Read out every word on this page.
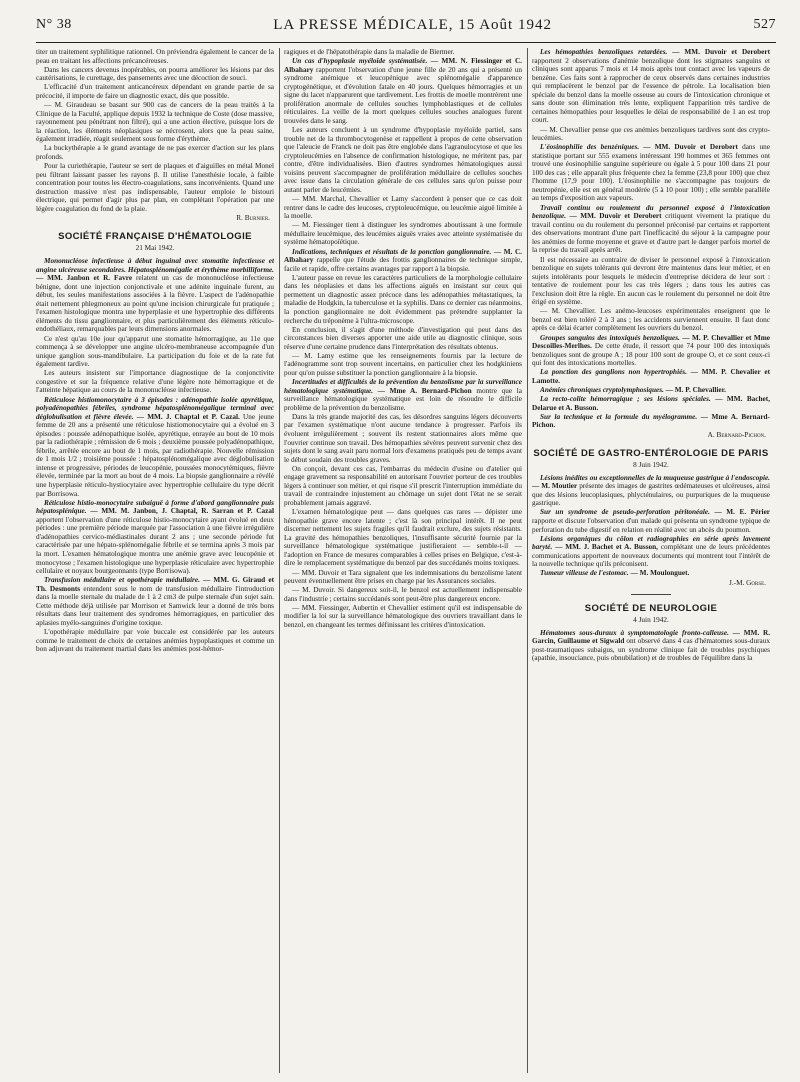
N° 38	LA PRESSE MÉDICALE, 15 Août 1942	527

titer un traitement syphilitique rationnel. On préviendra également le cancer de la peau en traitant les affections précancéreuses.

Dans les cancers devenus inopérables, on pourra améliorer les lésions par des cautérisations, le curettage, des pansements avec une décoction de souci.

L'efficacité d'un traitement anticancéreux dépendant en grande partie de sa précocité, il importe de faire un diagnostic exact, dès que possible.

— M. Giraudeau se basant sur 900 cas de cancers de la peau traités à la Clinique de la Faculté, applique depuis 1932 la technique de Coste (dose massive, rayonnement peu pénétrant non filtré), qui a une action élective, puisque lors de la réaction, les éléments néoplasiques se nécrosent, alors que la peau saine, également irradiée, réagit seulement sous forme d'érythème.

La buckythérapie a le grand avantage de ne pas exercer d'action sur les plans profonds.

Pour la curiethérapie, l'auteur se sert de plaques et d'aiguilles en métal Monel peu filtrant laissant passer les rayons β. Il utilise l'anesthésie locale, à faible concentration pour toutes les électro-coagulations, sans inconvénients. Quand une destruction massive n'est pas indispensable, l'auteur emploie le bistouri électrique, qui permet d'agir plus par plan, en complétant l'opération par une légère coagulation du fond de la plaie.

R. Burnier.

SOCIÉTÉ FRANÇAISE D'HÉMATOLOGIE

21 Mai 1942.

Mononucléose infectieuse à début inguinal avec stomatite infectieuse et angine ulcéreuse secondaires. Hépatosplénomégalie et érythème morbilliforme. — MM. Janbon et R. Favre relatent un cas de mononucléose infectieuse bénigne, dont une injection conjonctivale et une adénite inguinale furent, au début, les seules manifestations associées à la fièvre. L'aspect de l'adénopathie était nettement phlegmoneux au point qu'une incision chirurgicale fut pratiquée ; l'examen histologique montra une hyperplasie et une hypertrophie des différents éléments du tissu ganglionnaire, et plus particulièrement des éléments réticulo-endothéliaux, remarquables par leurs dimensions anormales.

Ce n'est qu'au 10e jour qu'apparut une stomatite hémorragique, au 11e que commença à se développer une angine ulcéro-membraneuse accompagnée d'un unique ganglion sous-mandibulaire. La participation du foie et de la rate fut également tardive.

Les auteurs insistent sur l'importance diagnostique de la conjonctivite congestive et sur la fréquence relative d'une légère note hémorragique et de l'atteinte hépatique au cours de la mononucléose infectieuse.

Réticulose histiomonocytaire à 3 épisodes : adénopathie isolée apyrétique, polyadénopathies fébriles, syndrome hépatosplénomégalique terminal avec déglobulisation et fièvre élevée. — MM. J. Chaptal et P. Cazal. Une jeune femme de 20 ans a présenté une réticulose histiomonocytaire qui a évolué en 3 épisodes : poussée adénopathique isolée, apyrétique, enrayée au bout de 10 mois par la radiothérapie ; rémission de 6 mois ; deuxième poussée polyadénopathique, fébrile, arrêtée encore au bout de 1 mois, par radiothérapie. Nouvelle rémission de 1 mois 1/2 ; troisième poussée : hépatosplénomégalique avec déglobulisation intense et progressive, périodes de leucopénie, poussées monocytémiques, fièvre élevée, terminée par la mort au bout de 4 mois. La biopsie ganglionnaire a révélé une hyperplasie réticulo-hystiocytaire avec hypertrophie cellulaire du type décrit par Borrisowa.

Réticulose histio-monocytaire subaiguë à forme d'abord ganglionnaire puis hépatosplénique. — MM. M. Janbon, J. Chaptal, R. Sarran et P. Cazal apportent l'observation d'une réticulose histio-monocytaire ayant évolué en deux périodes : une première période marquée par l'association à une fièvre irrégulière d'adénopathies cervico-médiastinales durant 2 ans ; une seconde période fut caractérisée par une hépato-splénomégalie fébrile et se termina après 3 mois par la mort. L'examen hématologique montra une anémie grave avec leucopénie et monocytose ; l'examen histologique une hyperplasie réticulaire avec hypertrophie cellulaire et noyaux bourgeonnants (type Borrisowa).

Transfusion médullaire et opothérapie médullaire. — MM. G. Giraud et Th. Desmonts entendent sous le nom de transfusion médullaire l'introduction dans la moelle sternale du malade de 1 à 2 cm3 de pulpe sternale d'un sujet sain. Cette méthode déjà utilisée par Morrison et Samwick leur a donné de très bons résultats dans leur traitement des syndromes hémorragiques, en particulier des aplasies myélo-sanguines d'origine toxique.

L'opothérapie médullaire par voie buccale est considérée par les auteurs comme le traitement de choix de certaines anémies hypoplastiques et comme un bon adjuvant du traitement martial dans les anémies post-hémor-

ragiques et de l'hépatothérapie dans la maladie de Biermer.

Un cas d'hypoplasie myéloïde systématisée. — MM. N. Fiessinger et C. Albahary rapportent l'observation d'une jeune fille de 20 ans qui a présenté un syndrome anémique et leucopénique avec splénomégalie d'apparence cryptogénétique, et d'évolution fatale en 40 jours. Quelques hémorragies et un signe du lacet n'apparurent que tardivement. Les frottis de moelle montrèrent une prolifération anormale de cellules souches lymphoblastiques et de cellules réticulaires. La veille de la mort quelques cellules souches analogues furent trouvées dans le sang.

Les auteurs concluent à un syndrome d'hypoplasie myéloïde partiel, sans trouble net de la thrombocytogenèse et rappellent à propos de cette observation que l'aleucie de Franck ne doit pas être englobée dans l'agranulocytose et que les cryptoleucémies en l'absence de confirmation histologique, ne méritent pas, par contre, d'être individualisées. Bien d'autres syndromes hématologiques aussi voisins peuvent s'accompagner de prolifération médullaire de cellules souches avec issue dans la circulation générale de ces cellules sans qu'on puisse pour autant parler de leucémies.

— MM. Marchal, Chevallier et Lamy s'accordent à penser que ce cas doit rentrer dans le cadre des leucoses, cryptoleucémique, ou leucémie aiguë limitée à la moelle.

— M. Fiessinger tient à distinguer les syndromes aboutissant à une formule médullaire leucémique, des leucémies aiguës vraies avec atteinte systématisée du système hématopoïétique.

Indications, techniques et résultats de la ponction ganglionnaire. — M. C. Albahary rappelle que l'étude des frottis ganglionnaires de technique simple, facile et rapide, offre certains avantages par rapport à la biopsie.

L'auteur passe en revue les caractères particuliers de la morphologie cellulaire dans les néoplasies et dans les affections aiguës en insistant sur ceux qui permettent un diagnostic assez précoce dans les adénopathies métastatiques, la maladie de Hodgkin, la tuberculose et la syphilis. Dans ce dernier cas néanmoins, la ponction ganglionnaire ne doit évidemment pas prétendre supplanter la recherche du tréponème à l'ultra-microscope.

En conclusion, il s'agit d'une méthode d'investigation qui peut dans des circonstances bien diverses apporter une aide utile au diagnostic clinique, sous réserve d'une certaine prudence dans l'interprétation des résultats obtenus.

— M. Lamy estime que les renseignements fournis par la lecture de l'adénogramme sont trop souvent incertains, en particulier chez les hodgkiniens pour qu'on puisse substituer la ponction ganglionnaire à la biopsie.

Incertitudes et difficultés de la prévention du benzolisme par la surveillance hématologique systématique. — Mme A. Bernard-Pichon montre que la surveillance hématologique systématique est loin de résoudre le difficile problème de la prévention du benzolisme.

Dans la très grande majorité des cas, les désordres sanguins légers découverts par l'examen systématique n'ont aucune tendance à progresser. Parfois ils évoluent irrégulièrement ; souvent ils restent stationnaires alors même que l'ouvrier continue son travail. Des hémopathies sévères peuvent survenir chez des sujets dont le sang avait paru normal lors d'examens pratiqués peu de temps avant le début soudain des troubles graves.

On conçoit, devant ces cas, l'embarras du médecin d'usine ou d'atelier qui engage gravement sa responsabilité en autorisant l'ouvrier porteur de ces troubles légers à continuer son métier, et qui risque s'il prescrit l'interruption immédiate du travail de contraindre injustement au chômage un sujet dont l'état ne se serait probablement jamais aggravé.

L'examen hématologique peut — dans quelques cas rares — dépister une hémopathie grave encore latente ; c'est là son principal intérêt. Il ne peut discerner nettement les sujets fragiles qu'il faudrait exclure, des sujets résistants. La gravité des hémopathies benzoliques, l'insuffisante sécurité fournie par la surveillance hématologique systématique justifieraient — semble-t-il — l'adoption en France de mesures comparables à celles prises en Belgique, c'est-à-dire le remplacement systématique du benzol par des succédanés moins toxiques.

— MM. Duvoir et Tara signalent que les indemnisations du benzolisme latent peuvent éventuellement être prises en charge par les Assurances sociales.

— M. Duvoir. Si dangereux soit-il, le benzol est actuellement indispensable dans l'industrie ; certains succédanés sont peut-être plus dangereux encore.

— MM. Fiessinger, Aubertin et Chevallier estiment qu'il est indispensable de modifier la loi sur la surveillance hématologique des ouvriers travaillant dans le benzol, en changeant les termes définissant les critères d'intoxication.

Les hémopathies benzoliques retardées. — MM. Duvoir et Derobert rapportent 2 observations d'anémie benzolique dont les stigmates sanguins et cliniques sont apparus 7 mois et 14 mois après tout contact avec les vapeurs de benzène. Ces faits sont à rapprocher de ceux observés dans certaines industries qui remplacèrent le benzol par de l'essence de pétrole. La localisation bien spéciale du benzol dans la moelle osseuse au cours de l'intoxication chronique et sans doute son élimination très lente, expliquent l'apparition très tardive de certaines hémopathies pour lesquelles le délai de responsabilité de 1 an est trop court.

— M. Chevallier pense que ces anémies benzoliques tardives sont des crypto-leucémies.

L'éosinophilie des benzéniques. — MM. Duvoir et Derobert dans une statistique portant sur 555 examens intéressant 190 hommes et 365 femmes ont trouvé une éosinophilie sanguine supérieure ou égale à 5 pour 100 dans 21 pour 100 des cas ; elle apparaît plus fréquente chez la femme (23,8 pour 100) que chez l'homme (17,9 pour 100). L'éosinophilie ne s'accompagne pas toujours de neutropénie, elle est en général modérée (5 à 10 pour 100) ; elle semble parallèle au temps d'exposition aux vapeurs.

Travail continu ou roulement du personnel exposé à l'intoxication benzolique. — MM. Duvoir et Derobert critiquent vivement la pratique du travail continu ou du roulement du personnel préconisé par certains et rapportent des observations montrant d'une part l'inefficacité du séjour à la campagne pour les anémies de forme moyenne et grave et d'autre part le danger parfois mortel de la reprise du travail après arrêt.

Il est nécessaire au contraire de diviser le personnel exposé à l'intoxication benzolique en sujets tolérants qui devront être maintenus dans leur métier, et en sujets intolérants pour lesquels le médecin d'entreprise décidera de leur sort : tentative de roulement pour les cas très légers ; dans tous les autres cas l'exclusion doit être la règle. En aucun cas le roulement du personnel ne doit être érigé en système.

— M. Chevallier. Les anémo-leucoses expérimentales enseignent que le benzol est bien toléré 2 à 3 ans ; les accidents surviennent ensuite. Il faut donc après ce délai écarter complètement les ouvriers du benzol.

Groupes sanguins des intoxiqués benzoliques. — M. P. Chevallier et Mme Descoilles-Merlhes. De cette étude, il ressort que 74 pour 100 des intoxiqués benzoliques sont de groupe A ; 18 pour 100 sont de groupe O, et ce sont ceux-ci qui font des intoxications mortelles.

La ponction des ganglions non hypertrophiés. — MM. P. Chevalier et Lamotte.

Anémies chroniques cryptolymphosiques. — M. P. Chevallier.

La recto-colite hémorragique ; ses lésions spéciales. — MM. Bachet, Delarue et A. Busson.

Sur la technique et la formule du myélogramme. — Mme A. Bernard-Pichon.

A. Bernard-Pichon.

SOCIÉTÉ DE GASTRO-ENTÉROLOGIE DE PARIS

8 Juin 1942.

Lésions inédites ou exceptionnelles de la muqueuse gastrique à l'endoscopie. — M. Moutier présente des images de gastrites œdémateuses et ulcéreuses, ainsi que des lésions leucoplasiques, phlycténulaires, ou purpuriques de la muqueuse gastrique.

Sur un syndrome de pseudo-perforation péritonéale. — M. E. Périer rapporte et discute l'observation d'un malade qui présenta un syndrome typique de perforation du tube digestif en relation en réalité avec un abcès du poumon.

Lésions organiques du côlon et radiographies en série après lavement baryté. — MM. J. Bachet et A. Busson, complétant une de leurs précédentes communications apportent de nouveaux documents qui montrent tout l'intérêt de la nouvelle technique qu'ils préconisent.

Tumeur villeuse de l'estomac. — M. Moulonguet.

J.-M. Gorse.

SOCIÉTÉ DE NEUROLOGIE

4 Juin 1942.

Hématomes sous-duraux à symptomatologie fronto-calleuse. — MM. R. Garcin, Guillaume et Sigwald ont observé dans 4 cas d'hématomes sous-duraux post-traumatiques subaigus, un syndrome clinique fait de troubles psychiques (apathie, insouciance, puis obnubilation) et de troubles de l'équilibre dans la
